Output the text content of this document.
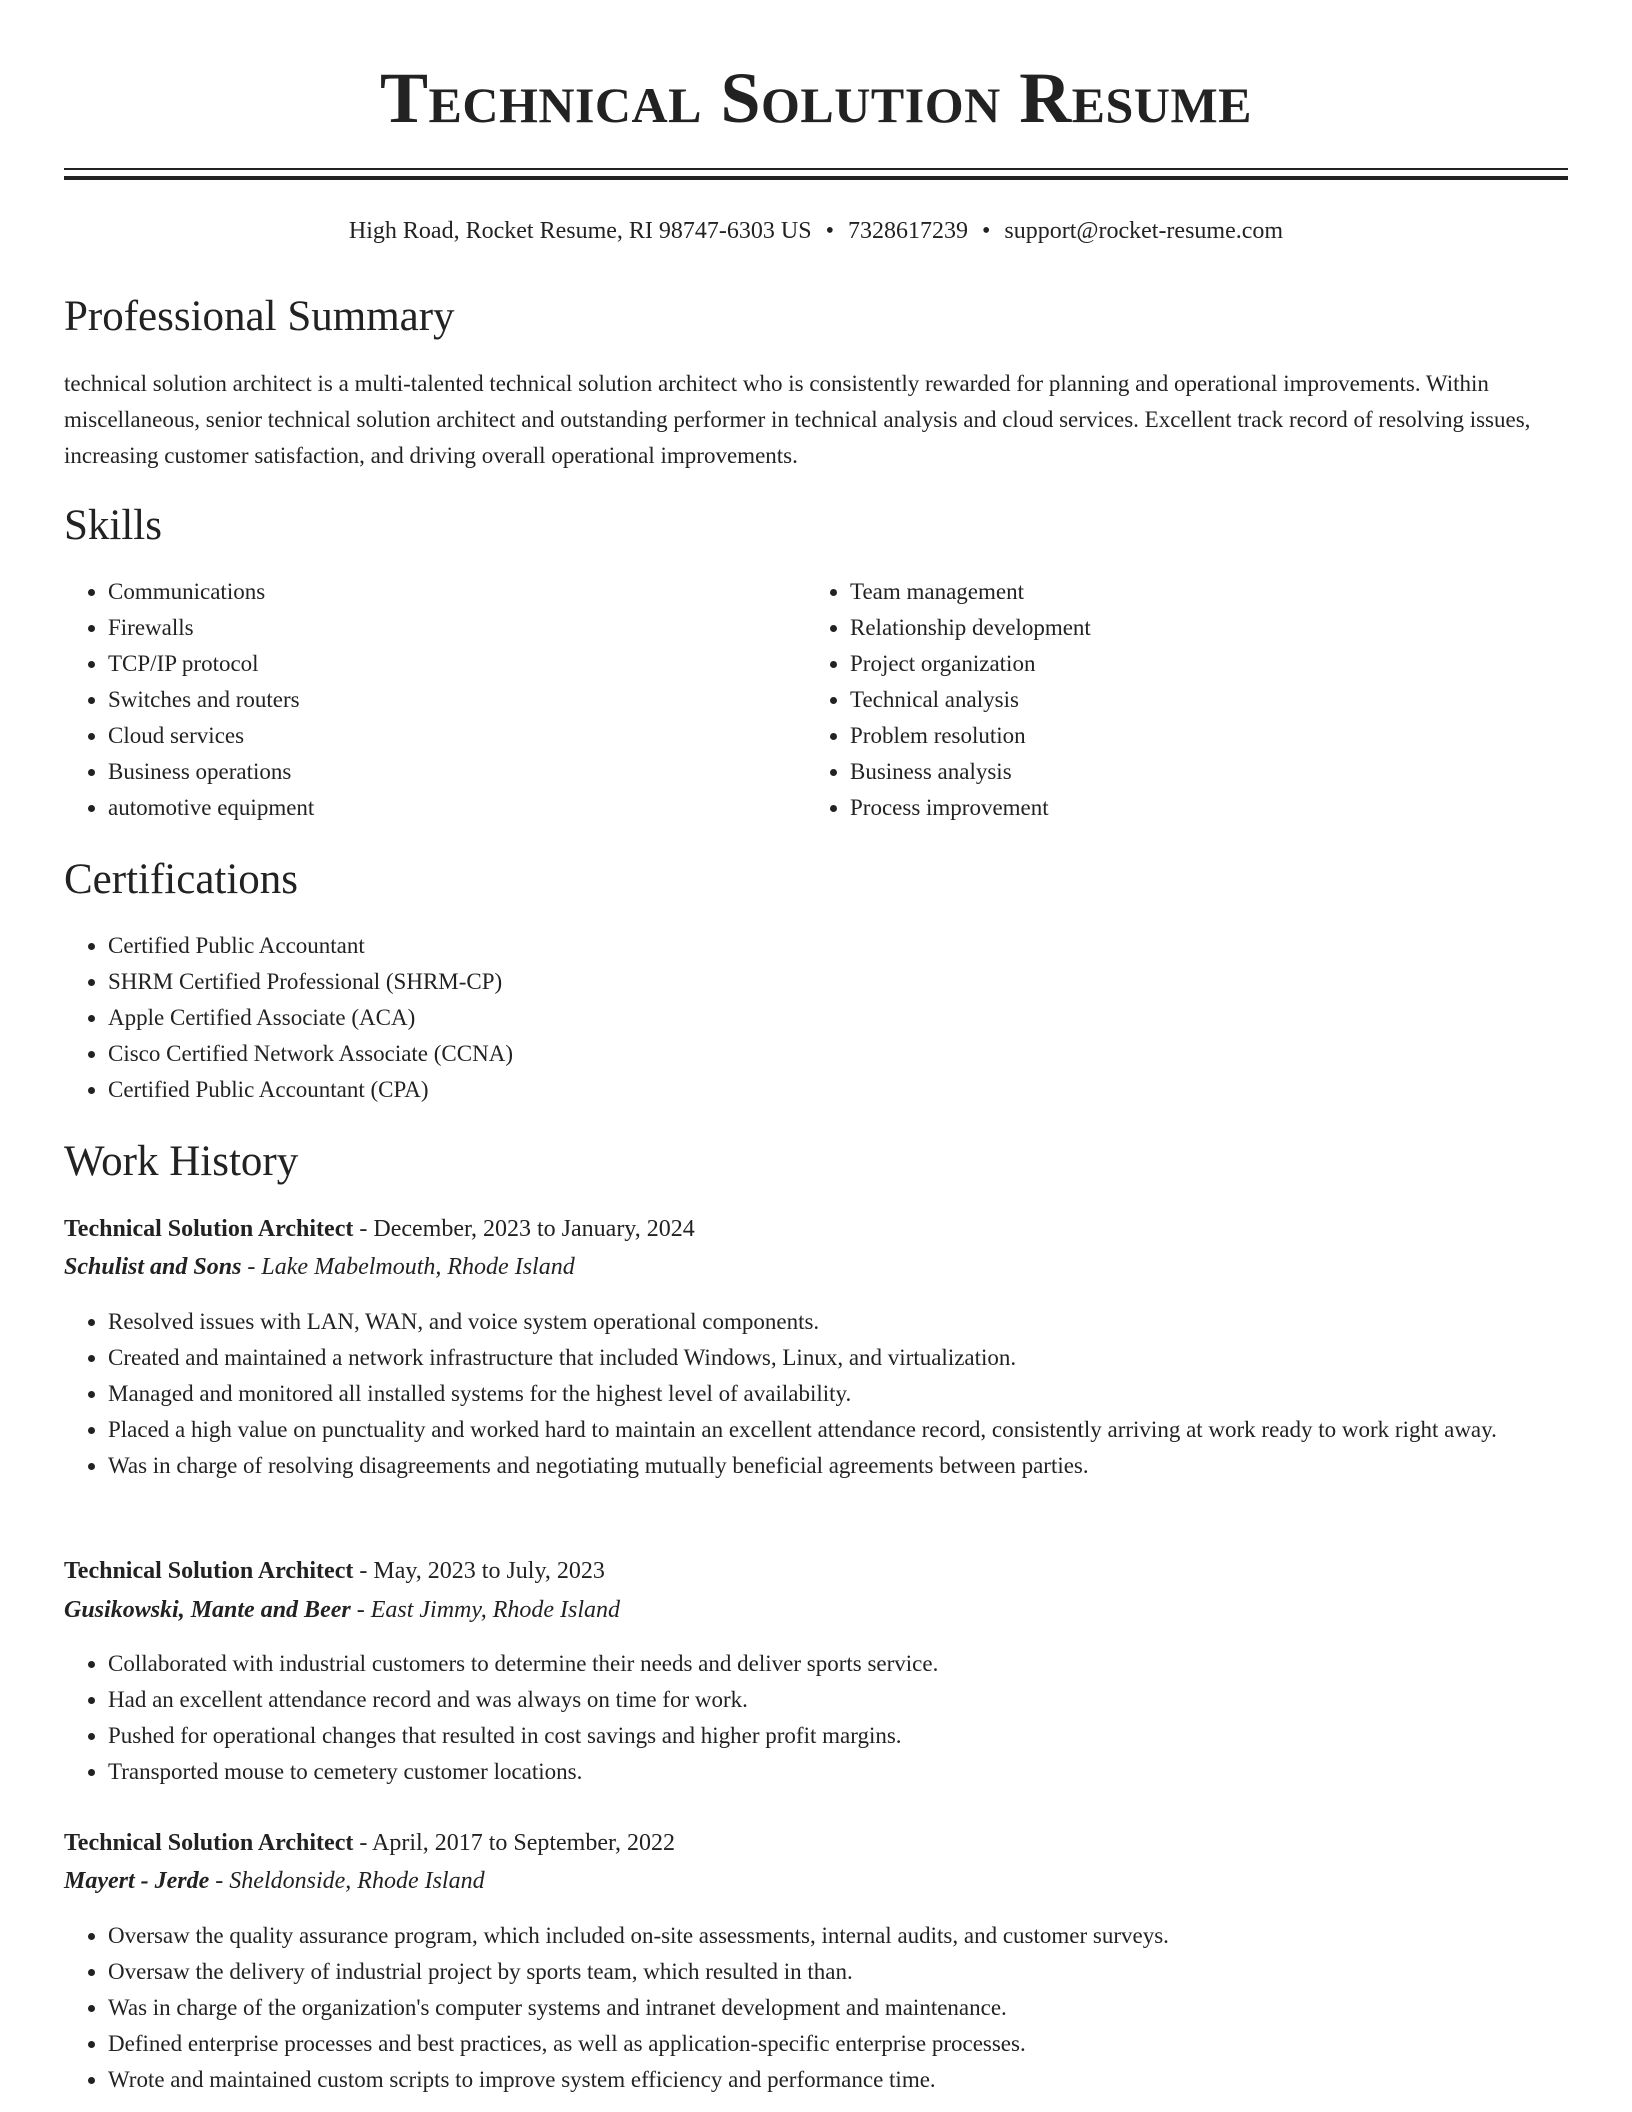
Technical Solution Resume
High Road, Rocket Resume, RI 98747-6303 US • 7328617239 • support@rocket-resume.com
Professional Summary

technical solution architect is a multi-talented technical solution architect who is consistently rewarded for planning and operational improvements. Within miscellaneous, senior technical solution architect and outstanding performer in technical analysis and cloud services. Excellent track record of resolving issues, increasing customer satisfaction, and driving overall operational improvements.

Skills
• Communications
• Firewalls
• TCP/IP protocol
• Switches and routers
• Cloud services
• Business operations
• automotive equipment
• Team management
• Relationship development
• Project organization
• Technical analysis
• Problem resolution
• Business analysis
• Process improvement
Certifications
• Certified Public Accountant
• SHRM Certified Professional (SHRM-CP)
• Apple Certified Associate (ACA)
• Cisco Certified Network Associate (CCNA)
• Certified Public Accountant (CPA)
Work History
Technical Solution Architect - December, 2023 to January, 2024
Schulist and Sons - Lake Mabelmouth, Rhode Island
• Resolved issues with LAN, WAN, and voice system operational components.
• Created and maintained a network infrastructure that included Windows, Linux, and virtualization.
• Managed and monitored all installed systems for the highest level of availability.
• Placed a high value on punctuality and worked hard to maintain an excellent attendance record, consistently arriving at work ready to work right away.
• Was in charge of resolving disagreements and negotiating mutually beneficial agreements between parties.
Technical Solution Architect - May, 2023 to July, 2023
Gusikowski, Mante and Beer - East Jimmy, Rhode Island
• Collaborated with industrial customers to determine their needs and deliver sports service.
• Had an excellent attendance record and was always on time for work.
• Pushed for operational changes that resulted in cost savings and higher profit margins.
• Transported mouse to cemetery customer locations.
Technical Solution Architect - April, 2017 to September, 2022
Mayert - Jerde - Sheldonside, Rhode Island
• Oversaw the quality assurance program, which included on-site assessments, internal audits, and customer surveys.
• Oversaw the delivery of industrial project by sports team, which resulted in than.
• Was in charge of the organization's computer systems and intranet development and maintenance.
• Defined enterprise processes and best practices, as well as application-specific enterprise processes.
• Wrote and maintained custom scripts to improve system efficiency and performance time.
